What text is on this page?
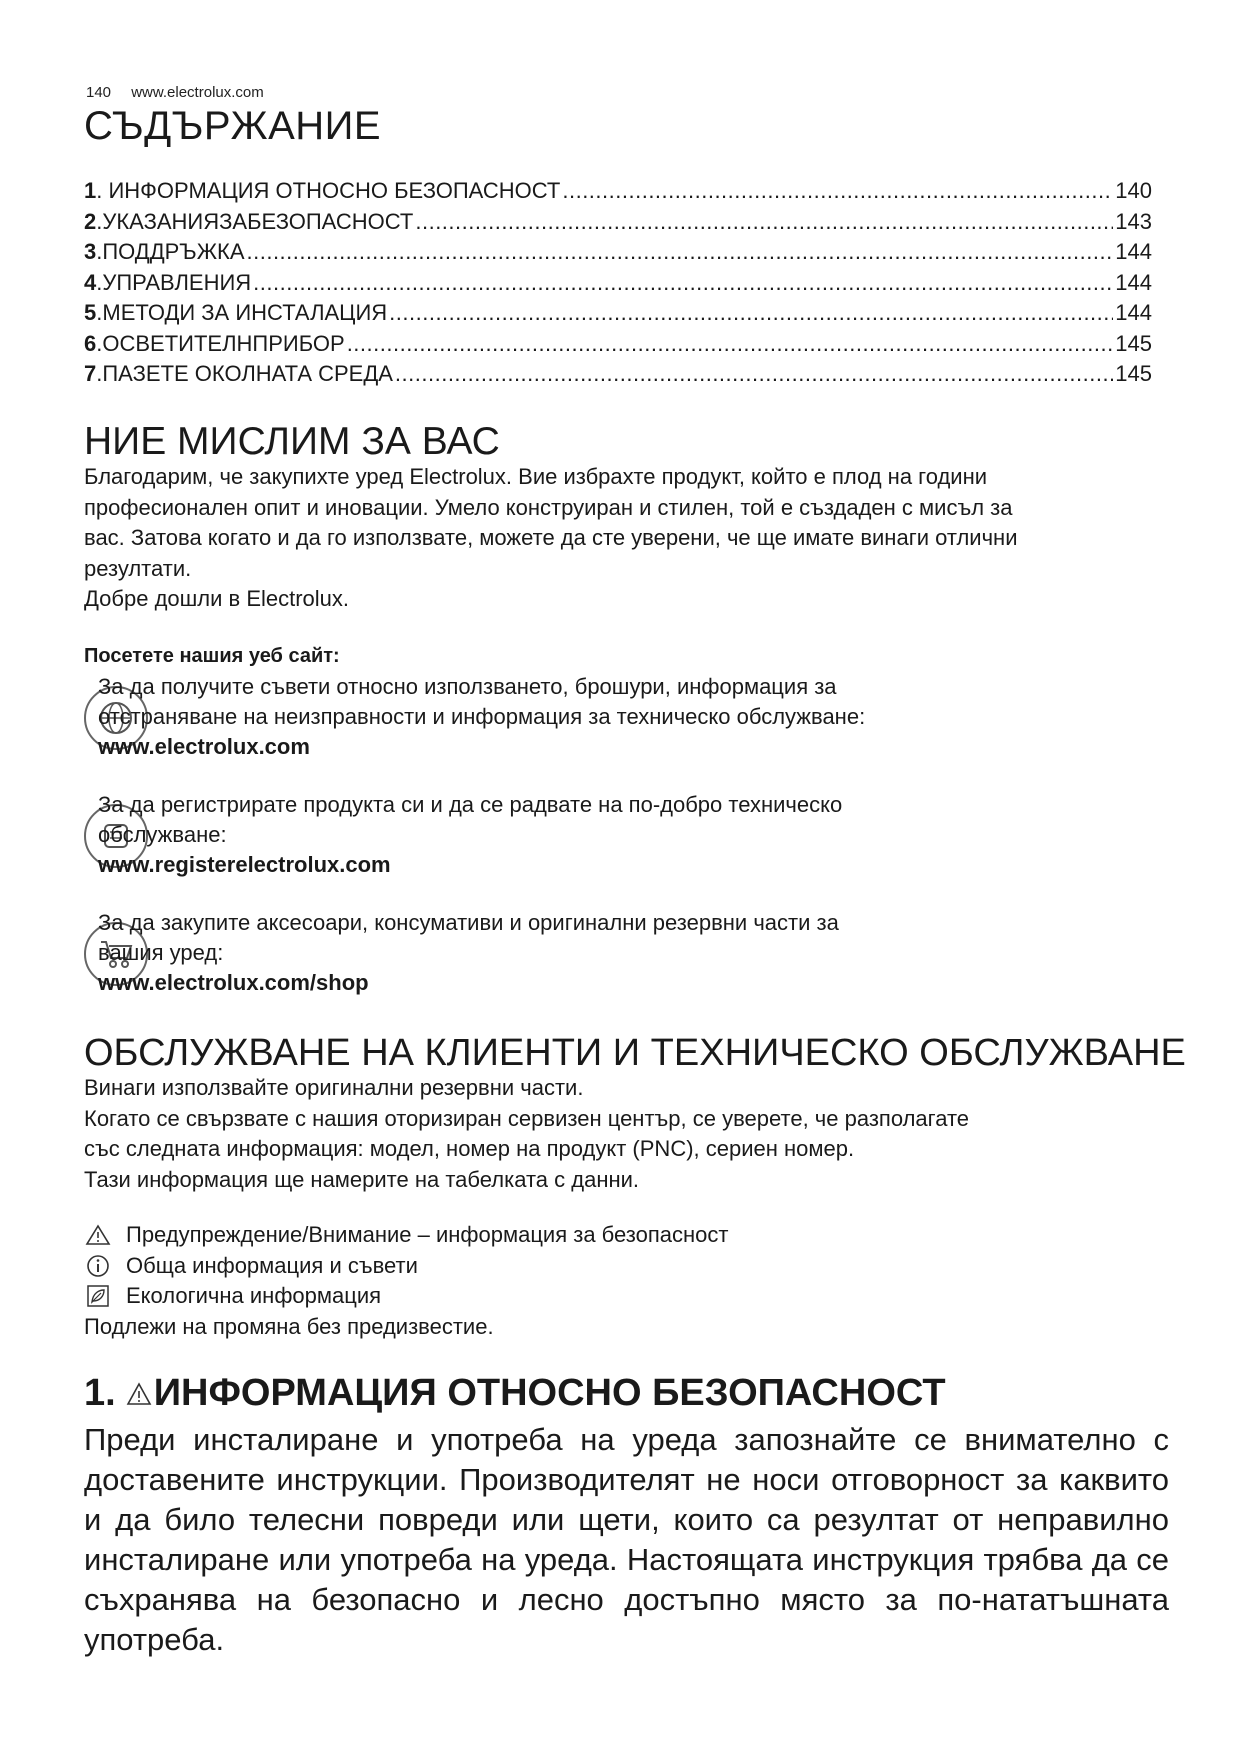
140 www.electrolux.com
СЪДЪРЖАНИЕ
1 . ИНФОРМАЦИЯ ОТНОСНО БЕЗОПАСНОСТ .....	140
2 .УКАЗАНИЯЗАБЕЗОПАСНОСТ .....	143
3 .ПОДДРЪЖКА .....	144
4 .УПРАВЛЕНИЯ .....	144
5 .МЕТОДИ ЗА ИНСТАЛАЦИЯ .....	144
6 .ОСВЕТИТЕЛНПРИБОР .....	145
7 .ПАЗЕТЕ ОКОЛНАТА СРЕДА .....	145
НИЕ МИСЛИМ ЗА ВАС

Благодарим, че закупихте уред Electrolux. Вие избрахте продукт, който е плод на години

професионален опит и иновации. Умело конструиран и стилен, той е създаден с мисъл за

вас. Затова когато и да го използвате, можете да сте уверени, че ще имате винаги отлични

резултати.

Добре дошли в Electrolux.

Посетете нашия уеб сайт:
За да получите съвети относно използването, брошури, информация за
отстраняване на неизправности и информация за техническо обслужване:
www.electrolux.com
За да регистрирате продукта си и да се радвате на по-добро техническо
обслужване:
www.registerelectrolux.com
За да закупите аксесоари, консумативи и оригинални резервни части за
вашия уред:
www.electrolux.com/shop
ОБСЛУЖВАНЕ НА КЛИЕНТИ И ТЕХНИЧЕСКО ОБСЛУЖВАНЕ

Винаги използвайте оригинални резервни части.

Когато се свързвате с нашия оторизиран сервизен център, се уверете, че разполагате

със следната информация: модел, номер на продукт (PNC), сериен номер.

Тази информация ще намерите на табелката с данни.

Предупреждение/Внимание – информация за безопасност
Обща информация и съвети
Екологична информация
Подлежи на промяна без предизвестие.
1. ИНФОРМАЦИЯ ОТНОСНО БЕЗОПАСНОСТ

Преди инсталиране и употреба на уреда запознайте се внимателно с доставените инструкции. Производителят не носи отговорност за каквито и да било телесни повреди или щети, които са резултат от неправилно инсталиране или употреба на уреда. Настоящата инструкция трябва да се съхранява на безопасно и лесно достъпно място за по-нататъшната употреба.
